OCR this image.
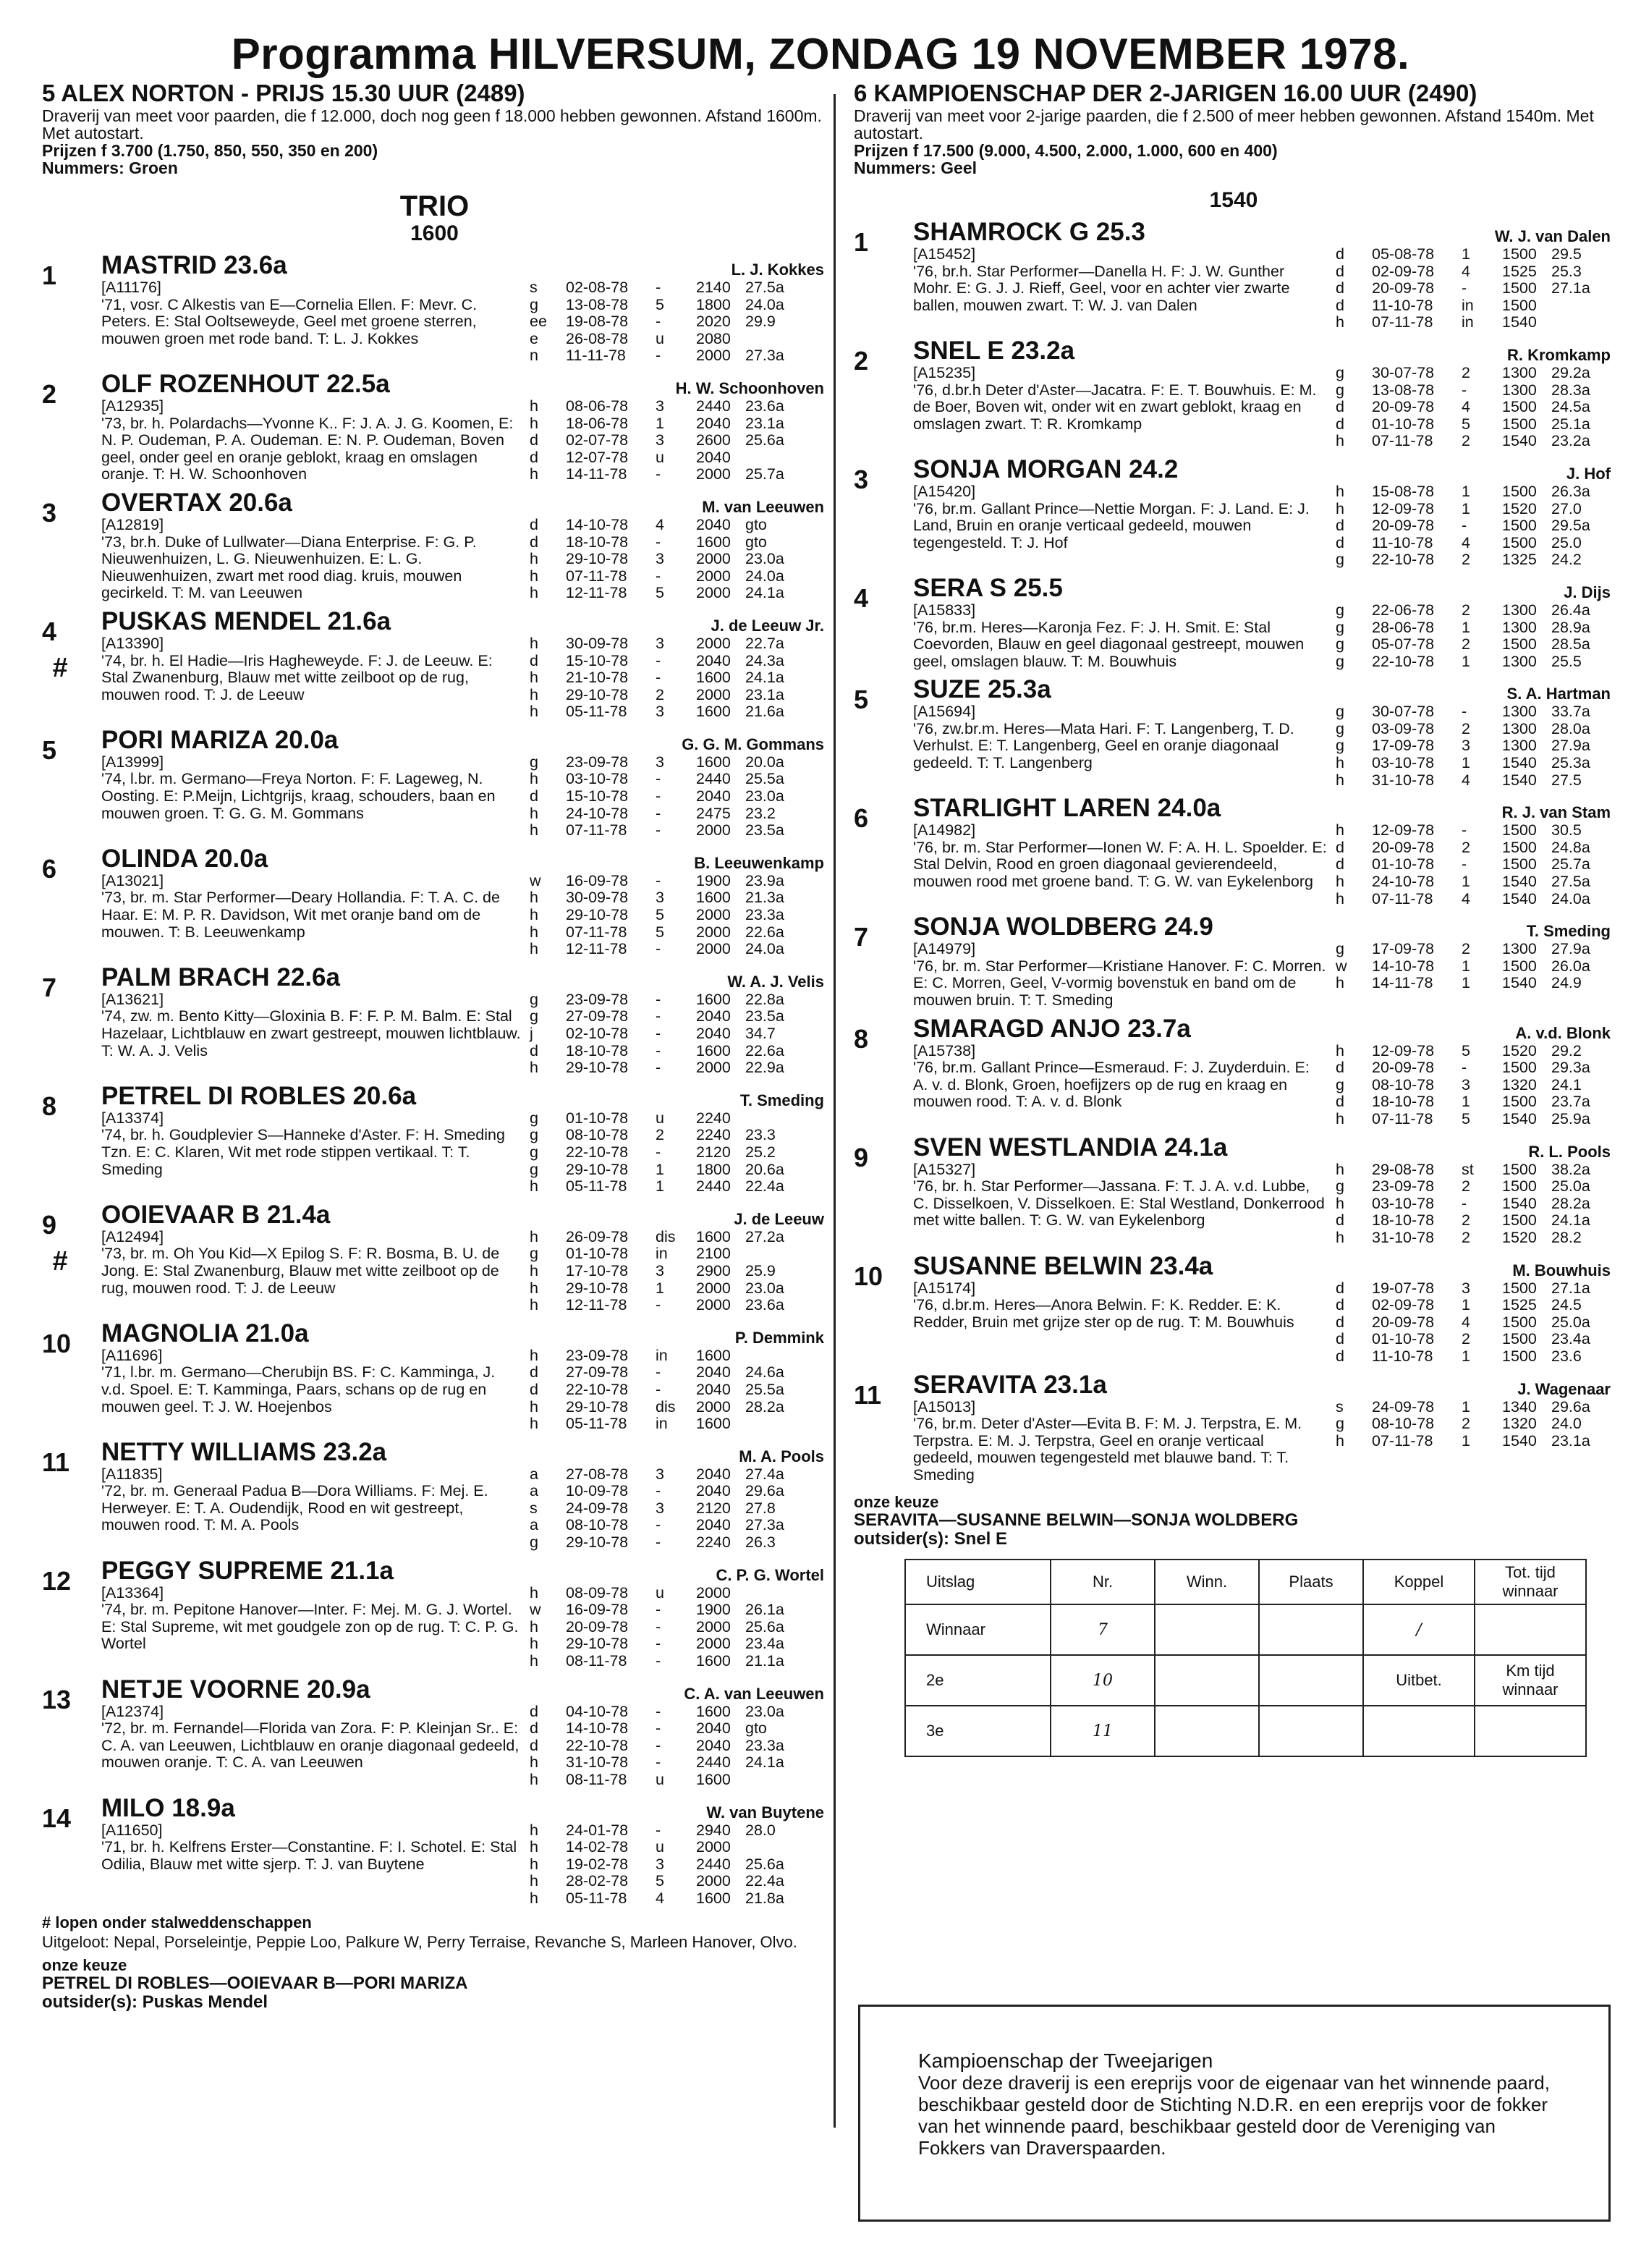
Programma HILVERSUM, ZONDAG 19 NOVEMBER 1978.
5 ALEX NORTON - PRIJS 15.30 UUR (2489)
Draverij van meet voor paarden, die f 12.000, doch nog geen f 18.000 hebben gewonnen. Afstand 1600m. Met autostart.
Prijzen f 3.700 (1.750, 850, 550, 350 en 200)
Nummers: Groen
TRIO
1600
1	MASTRID 23.6a	L. J. Kokkes
[A11176]
'71, vosr. C Alkestis van E—Cornelia Ellen. F: Mevr. C. Peters. E: Stal Ooltseweyde, Geel met groene sterren, mouwen groen met rode band. T: L. J. Kokkes
s	02-08-78	-	2140 27.5a
g	13-08-78	5	1800 24.0a
ee	19-08-78	-	2020 29.9
e	26-08-78	u	2080
n	11-11-78	-	2000 27.3a
2	OLF ROZENHOUT 22.5a	H. W. Schoonhoven
[A12935]
'73, br. h. Polardachs—Yvonne K.. F: J. A. J. G. Koomen, E: N. P. Oudeman, P. A. Oudeman. E: N. P. Oudeman, Boven geel, onder geel en oranje geblokt, kraag en omslagen oranje. T: H. W. Schoonhoven
h	08-06-78	3	2440 23.6a
h	18-06-78	1	2040 23.1a
d	02-07-78	3	2600 25.6a
d	12-07-78	u	2040
h	14-11-78	-	2000 25.7a
3	OVERTAX 20.6a	M. van Leeuwen
[A12819]
'73, br.h. Duke of Lullwater—Diana Enterprise. F: G. P. Nieuwenhuizen, L. G. Nieuwenhuizen. E: L. G. Nieuwenhuizen, zwart met rood diag. kruis, mouwen gecirkeld. T: M. van Leeuwen
d	14-10-78	4	2040 gto
d	18-10-78	-	1600 gto
h	29-10-78	3	2000 23.0a
h	07-11-78	-	2000 24.0a
h	12-11-78	5	2000 24.1a
4
#
PUSKAS MENDEL 21.6a	J. de Leeuw Jr.
[A13390]
'74, br. h. El Hadie—Iris Hagheweyde. F: J. de Leeuw. E: Stal Zwanenburg, Blauw met witte zeilboot op de rug, mouwen rood. T: J. de Leeuw
h	30-09-78	3	2000 22.7a
d	15-10-78	-	2040 24.3a
h	21-10-78	-	1600 24.1a
h	29-10-78	2	2000 23.1a
h	05-11-78	3	1600 21.6a
5	PORI MARIZA 20.0a	G. G. M. Gommans
[A13999]
'74, l.br. m. Germano—Freya Norton. F: F. Lageweg, N. Oosting. E: P.Meijn, Lichtgrijs, kraag, schouders, baan en mouwen groen. T: G. G. M. Gommans
g	23-09-78	3	1600 20.0a
h	03-10-78	-	2440 25.5a
d	15-10-78	-	2040 23.0a
h	24-10-78	-	2475 23.2
h	07-11-78	-	2000 23.5a
6	OLINDA 20.0a	B. Leeuwenkamp
[A13021]
'73, br. m. Star Performer—Deary Hollandia. F: T. A. C. de Haar. E: M. P. R. Davidson, Wit met oranje band om de mouwen. T: B. Leeuwenkamp
w	16-09-78	-	1900 23.9a
h	30-09-78	3	1600 21.3a
h	29-10-78	5	2000 23.3a
h	07-11-78	5	2000 22.6a
h	12-11-78	-	2000 24.0a
7	PALM BRACH 22.6a	W. A. J. Velis
[A13621]
'74, zw. m. Bento Kitty—Gloxinia B. F: F. P. M. Balm. E: Stal Hazelaar, Lichtblauw en zwart gestreept, mouwen lichtblauw. T: W. A. J. Velis
g	23-09-78	-	1600 22.8a
g	27-09-78	-	2040 23.5a
j	02-10-78	-	2040 34.7
d	18-10-78	-	1600 22.6a
h	29-10-78	-	2000 22.9a
8	PETREL DI ROBLES 20.6a	T. Smeding
[A13374]
'74, br. h. Goudplevier S—Hanneke d'Aster. F: H. Smeding Tzn. E: C. Klaren, Wit met rode stippen vertikaal. T: T. Smeding
g	01-10-78	u	2240
g	08-10-78	2	2240 23.3
g	22-10-78	-	2120 25.2
g	29-10-78	1	1800 20.6a
h	05-11-78	1	2440 22.4a
9
#
OOIEVAAR B 21.4a	J. de Leeuw
[A12494]
'73, br. m. Oh You Kid—X Epilog S. F: R. Bosma, B. U. de Jong. E: Stal Zwanenburg, Blauw met witte zeilboot op de rug, mouwen rood. T: J. de Leeuw
h	26-09-78	dis	1600 27.2a
g	01-10-78	in	2100
h	17-10-78	3	2900 25.9
h	29-10-78	1	2000 23.0a
h	12-11-78	-	2000 23.6a
10	MAGNOLIA 21.0a	P. Demmink
[A11696]
'71, l.br. m. Germano—Cherubijn BS. F: C. Kamminga, J. v.d. Spoel. E: T. Kamminga, Paars, schans op de rug en mouwen geel. T: J. W. Hoejenbos
h	23-09-78	in	1600
d	27-09-78	-	2040 24.6a
d	22-10-78	-	2040 25.5a
h	29-10-78	dis	2000 28.2a
h	05-11-78	in	1600
11	NETTY WILLIAMS 23.2a	M. A. Pools
[A11835]
'72, br. m. Generaal Padua B—Dora Williams. F: Mej. E. Herweyer. E: T. A. Oudendijk, Rood en wit gestreept, mouwen rood. T: M. A. Pools
a	27-08-78	3	2040 27.4a
a	10-09-78	-	2040 29.6a
s	24-09-78	3	2120 27.8
a	08-10-78	-	2040 27.3a
g	29-10-78	-	2240 26.3
12	PEGGY SUPREME 21.1a	C. P. G. Wortel
[A13364]
'74, br. m. Pepitone Hanover—Inter. F: Mej. M. G. J. Wortel. E: Stal Supreme, wit met goudgele zon op de rug. T: C. P. G. Wortel
h	08-09-78	u	2000
w	16-09-78	-	1900 26.1a
h	20-09-78	-	2000 25.6a
h	29-10-78	-	2000 23.4a
h	08-11-78	-	1600 21.1a
13	NETJE VOORNE 20.9a	C. A. van Leeuwen
[A12374]
'72, br. m. Fernandel—Florida van Zora. F: P. Kleinjan Sr.. E: C. A. van Leeuwen, Lichtblauw en oranje diagonaal gedeeld, mouwen oranje. T: C. A. van Leeuwen
d	04-10-78	-	1600 23.0a
d	14-10-78	-	2040 gto
d	22-10-78	-	2040 23.3a
h	31-10-78	-	2440 24.1a
h	08-11-78	u	1600
14	MILO 18.9a	W. van Buytene
[A11650]
'71, br. h. Kelfrens Erster—Constantine. F: I. Schotel. E: Stal Odilia, Blauw met witte sjerp. T: J. van Buytene
h	24-01-78	-	2940 28.0
h	14-02-78	u	2000
h	19-02-78	3	2440 25.6a
h	28-02-78	5	2000 22.4a
h	05-11-78	4	1600 21.8a
# lopen onder stalweddenschappen
Uitgeloot: Nepal, Porseleintje, Peppie Loo, Palkure W, Perry Terraise, Revanche S, Marleen Hanover, Olvo.
onze keuze
PETREL DI ROBLES—OOIEVAAR B—PORI MARIZA
outsider(s): Puskas Mendel
6 KAMPIOENSCHAP DER 2-JARIGEN 16.00 UUR (2490)
Draverij van meet voor 2-jarige paarden, die f 2.500 of meer hebben gewonnen. Afstand 1540m. Met autostart.
Prijzen f 17.500 (9.000, 4.500, 2.000, 1.000, 600 en 400)
Nummers: Geel
1540
1	SHAMROCK G 25.3	W. J. van Dalen
[A15452]
'76, br.h. Star Performer—Danella H. F: J. W. Gunther Mohr. E: G. J. J. Rieff, Geel, voor en achter vier zwarte ballen, mouwen zwart. T: W. J. van Dalen
d	05-08-78	1	1500 29.5
d	02-09-78	4	1525 25.3
d	20-09-78	-	1500 27.1a
d	11-10-78	in	1500
h	07-11-78	in	1540
2	SNEL E 23.2a	R. Kromkamp
[A15235]
'76, d.br.h Deter d'Aster—Jacatra. F: E. T. Bouwhuis. E: M. de Boer, Boven wit, onder wit en zwart geblokt, kraag en omslagen zwart. T: R. Kromkamp
g	30-07-78	2	1300 29.2a
g	13-08-78	-	1300 28.3a
d	20-09-78	4	1500 24.5a
d	01-10-78	5	1500 25.1a
h	07-11-78	2	1540 23.2a
3	SONJA MORGAN 24.2	J. Hof
[A15420]
'76, br.m. Gallant Prince—Nettie Morgan. F: J. Land. E: J. Land, Bruin en oranje verticaal gedeeld, mouwen tegengesteld. T: J. Hof
h	15-08-78	1	1500 26.3a
h	12-09-78	1	1520 27.0
d	20-09-78	-	1500 29.5a
d	11-10-78	4	1500 25.0
g	22-10-78	2	1325 24.2
4	SERA S 25.5	J. Dijs
[A15833]
'76, br.m. Heres—Karonja Fez. F: J. H. Smit. E: Stal Coevorden, Blauw en geel diagonaal gestreept, mouwen geel, omslagen blauw. T: M. Bouwhuis
g	22-06-78	2	1300 26.4a
g	28-06-78	1	1300 28.9a
g	05-07-78	2	1500 28.5a
g	22-10-78	1	1300 25.5
5	SUZE 25.3a	S. A. Hartman
[A15694]
'76, zw.br.m. Heres—Mata Hari. F: T. Langenberg, T. D. Verhulst. E: T. Langenberg, Geel en oranje diagonaal gedeeld. T: T. Langenberg
g	30-07-78	-	1300 33.7a
g	03-09-78	2	1300 28.0a
g	17-09-78	3	1300 27.9a
h	03-10-78	1	1540 25.3a
h	31-10-78	4	1540 27.5
6	STARLIGHT LAREN 24.0a	R. J. van Stam
[A14982]
'76, br. m. Star Performer—Ionen W. F: A. H. L. Spoelder. E: Stal Delvin, Rood en groen diagonaal gevierendeeld, mouwen rood met groene band. T: G. W. van Eykelenborg
h	12-09-78	-	1500 30.5
d	20-09-78	2	1500 24.8a
d	01-10-78	-	1500 25.7a
h	24-10-78	1	1540 27.5a
h	07-11-78	4	1540 24.0a
7	SONJA WOLDBERG 24.9	T. Smeding
[A14979]
'76, br. m. Star Performer—Kristiane Hanover. F: C. Morren. E: C. Morren, Geel, V-vormig bovenstuk en band om de mouwen bruin. T: T. Smeding
g	17-09-78	2	1300 27.9a
w	14-10-78	1	1500 26.0a
h	14-11-78	1	1540 24.9
8	SMARAGD ANJO 23.7a	A. v.d. Blonk
[A15738]
'76, br.m. Gallant Prince—Esmeraud. F: J. Zuyderduin. E: A. v. d. Blonk, Groen, hoefijzers op de rug en kraag en mouwen rood. T: A. v. d. Blonk
h	12-09-78	5	1520 29.2
d	20-09-78	-	1500 29.3a
g	08-10-78	3	1320 24.1
d	18-10-78	1	1500 23.7a
h	07-11-78	5	1540 25.9a
9	SVEN WESTLANDIA 24.1a	R. L. Pools
[A15327]
'76, br. h. Star Performer—Jassana. F: T. J. A. v.d. Lubbe, C. Disselkoen, V. Disselkoen. E: Stal Westland, Donkerrood met witte ballen. T: G. W. van Eykelenborg
h	29-08-78	st	1500 38.2a
g	23-09-78	2	1500 25.0a
h	03-10-78	-	1540 28.2a
d	18-10-78	2	1500 24.1a
h	31-10-78	2	1520 28.2
10	SUSANNE BELWIN 23.4a	M. Bouwhuis
[A15174]
'76, d.br.m. Heres—Anora Belwin. F: K. Redder. E: K. Redder, Bruin met grijze ster op de rug. T: M. Bouwhuis
d	19-07-78	3	1500 27.1a
d	02-09-78	1	1525 24.5
d	20-09-78	4	1500 25.0a
d	01-10-78	2	1500 23.4a
d	11-10-78	1	1500 23.6
11	SERAVITA 23.1a	J. Wagenaar
[A15013]
'76, br.m. Deter d'Aster—Evita B. F: M. J. Terpstra, E. M. Terpstra. E: M. J. Terpstra, Geel en oranje verticaal gedeeld, mouwen tegengesteld met blauwe band. T: T. Smeding
s	24-09-78	1	1340 29.6a
g	08-10-78	2	1320 24.0
h	07-11-78	1	1540 23.1a
onze keuze
SERAVITA—SUSANNE BELWIN—SONJA WOLDBERG
outsider(s): Snel E
Uitslag	Nr.	Winn.	Plaats	Koppel	Tot. tijd winnaar
Winnaar	7			/	
2e	10			Uitbet.	Km tijd winnaar
3e	11				
Kampioenschap der Tweejarigen
Voor deze draverij is een ereprijs voor de eigenaar van het winnende paard, beschikbaar gesteld door de Stichting N.D.R. en een ereprijs voor de fokker van het winnende paard, beschikbaar gesteld door de Vereniging van Fokkers van Draverspaarden.
